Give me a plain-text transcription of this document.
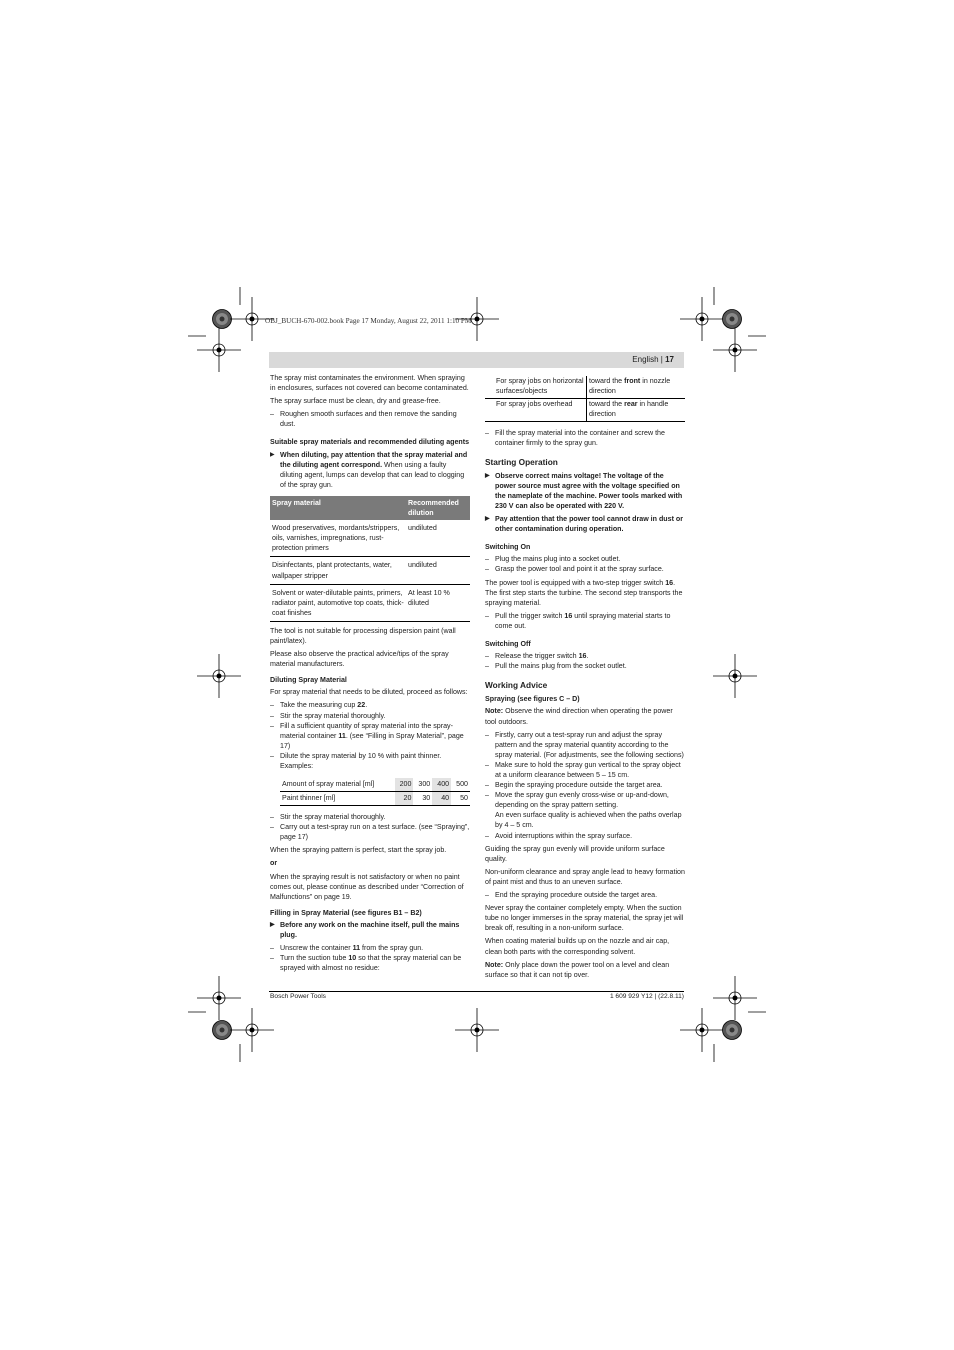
OBJ_BUCH-670-002.book Page 17 Monday, August 22, 2011 1:10 PM
English | 17

The spray mist contaminates the environment. When spraying in enclosures, surfaces not covered can become contaminated.

The spray surface must be clean, dry and grease-free.

– Roughen smooth surfaces and then remove the sanding dust.

Suitable spray materials and recommended diluting agents

▶ When diluting, pay attention that the spray material and the diluting agent correspond. When using a faulty diluting agent, lumps can develop that can lead to clogging of the spray gun.

Spray material	Recommended dilution
Wood preservatives, mordants/strippers, oils, varnishes, impregnations, rust-protection primers	undiluted
Disinfectants, plant protectants, water, wallpaper stripper	undiluted
Solvent or water-dilutable paints, primers, radiator paint, automotive top coats, thick-coat finishes	At least 10 % diluted

The tool is not suitable for processing dispersion paint (wall paint/latex).

Please also observe the practical advice/tips of the spray material manufacturers.

Diluting Spray Material

For spray material that needs to be diluted, proceed as follows:

– Take the measuring cup 22.

– Stir the spray material thoroughly.

– Fill a sufficient quantity of spray material into the spray-material container 11. (see “Filling in Spray Material”, page 17)

– Dilute the spray material by 10 % with paint thinner. Examples:

Amount of spray material [ml]	200	300	400	500
Paint thinner [ml]	20	30	40	50

– Stir the spray material thoroughly.

– Carry out a test-spray run on a test surface. (see “Spraying”, page 17)

When the spraying pattern is perfect, start the spray job.

or

When the spraying result is not satisfactory or when no paint comes out, please continue as described under “Correction of Malfunctions” on page 19.

Filling in Spray Material (see figures B1 – B2)

▶ Before any work on the machine itself, pull the mains plug.

– Unscrew the container 11 from the spray gun.

– Turn the suction tube 10 so that the spray material can be sprayed with almost no residue:

For spray jobs on horizontal surfaces/objects	toward the front in nozzle direction
For spray jobs overhead	toward the rear in handle direction

– Fill the spray material into the container and screw the container firmly to the spray gun.

Starting Operation

▶ Observe correct mains voltage! The voltage of the power source must agree with the voltage specified on the nameplate of the machine. Power tools marked with 230 V can also be operated with 220 V.

▶ Pay attention that the power tool cannot draw in dust or other contamination during operation.

Switching On

– Plug the mains plug into a socket outlet.

– Grasp the power tool and point it at the spray surface.

The power tool is equipped with a two-step trigger switch 16. The first step starts the turbine. The second step transports the spraying material.

– Pull the trigger switch 16 until spraying material starts to come out.

Switching Off

– Release the trigger switch 16.

– Pull the mains plug from the socket outlet.

Working Advice

Spraying (see figures C – D)

Note: Observe the wind direction when operating the power tool outdoors.

– Firstly, carry out a test-spray run and adjust the spray pattern and the spray material quantity according to the spray material. (For adjustments, see the following sections)

– Make sure to hold the spray gun vertical to the spray object at a uniform clearance between 5 – 15 cm.

– Begin the spraying procedure outside the target area.

– Move the spray gun evenly cross-wise or up-and-down, depending on the spray pattern setting.

An even surface quality is achieved when the paths overlap by 4 – 5 cm.

– Avoid interruptions within the spray surface.

Guiding the spray gun evenly will provide uniform surface quality.

Non-uniform clearance and spray angle lead to heavy formation of paint mist and thus to an uneven surface.

– End the spraying procedure outside the target area.

Never spray the container completely empty. When the suction tube no longer immerses in the spray material, the spray jet will break off, resulting in a non-uniform surface.

When coating material builds up on the nozzle and air cap, clean both parts with the corresponding solvent.

Note: Only place down the power tool on a level and clean surface so that it can not tip over.

Bosch Power Tools	1 609 929 Y12 | (22.8.11)
